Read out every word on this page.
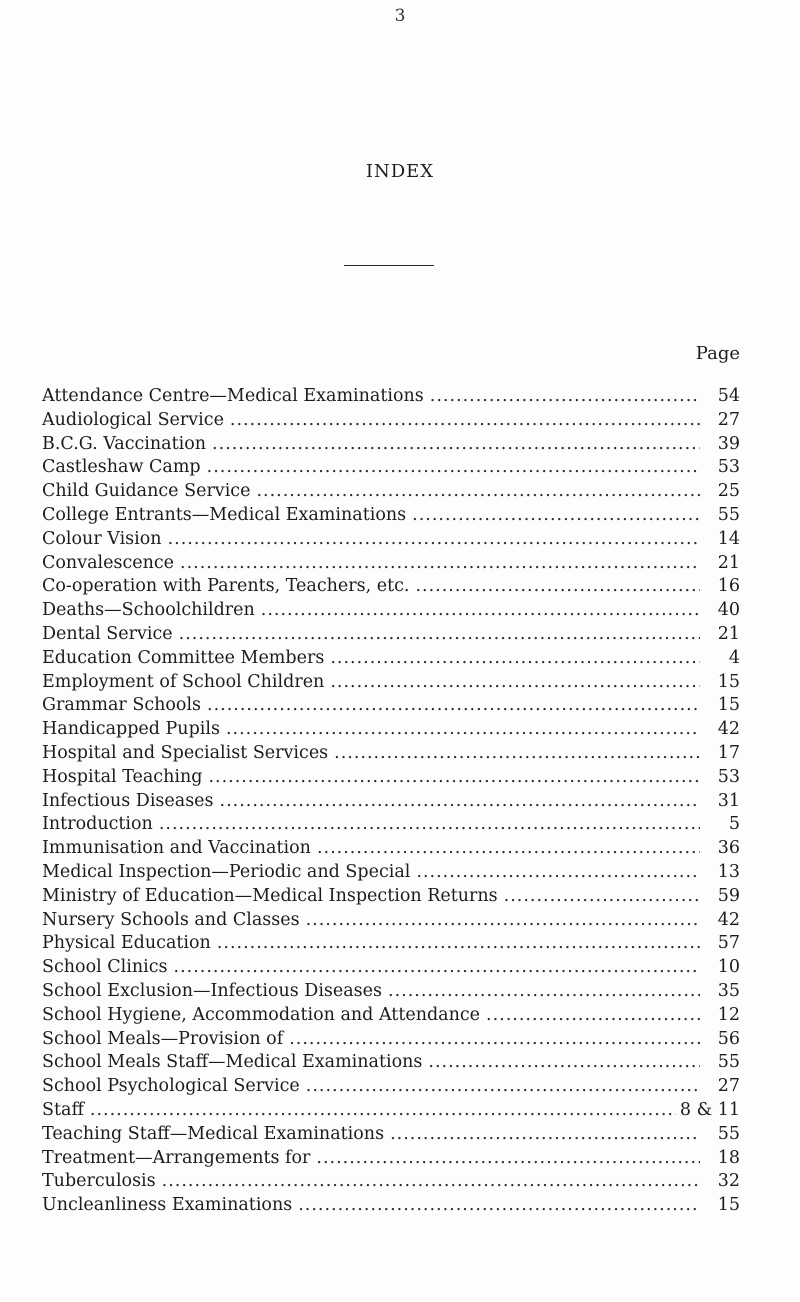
3
INDEX
Page
Attendance Centre—Medical Examinations .....	54
Audiological Service .....	27
B.C.G. Vaccination .....	39
Castleshaw Camp .....	53
Child Guidance Service .....	25
College Entrants—Medical Examinations .....	55
Colour Vision .....	14
Convalescence .....	21
Co-operation with Parents, Teachers, etc. .....	16
Deaths—Schoolchildren .....	40
Dental Service .....	21
Education Committee Members .....	4
Employment of School Children .....	15
Grammar Schools .....	15
Handicapped Pupils .....	42
Hospital and Specialist Services .....	17
Hospital Teaching .....	53
Infectious Diseases .....	31
Introduction .....	5
Immunisation and Vaccination .....	36
Medical Inspection—Periodic and Special .....	13
Ministry of Education—Medical Inspection Returns .....	59
Nursery Schools and Classes .....	42
Physical Education .....	57
School Clinics .....	10
School Exclusion—Infectious Diseases .....	35
School Hygiene, Accommodation and Attendance .....	12
School Meals—Provision of .....	56
School Meals Staff—Medical Examinations .....	55
School Psychological Service .....	27
Staff .....	8 & 11
Teaching Staff—Medical Examinations .....	55
Treatment—Arrangements for .....	18
Tuberculosis .....	32
Uncleanliness Examinations .....	15
